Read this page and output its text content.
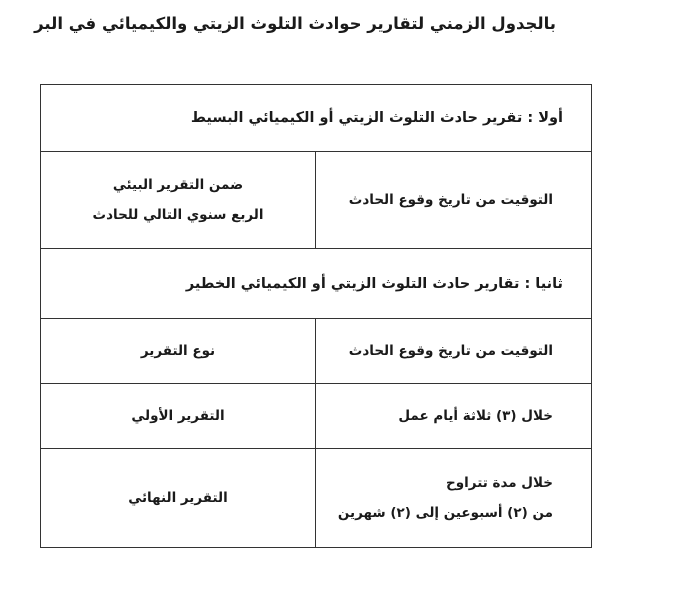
بالجدول الزمني لتقارير حوادث التلوث الزيتي والكيميائي في البر
أولا : تقرير حادث التلوث الزيتي أو الكيميائي البسيط	

التوقيت من تاريخ وقوع الحادث	ضمن التقرير البيئي
الربع سنوي التالي للحادث

ثانيا : تقارير حادث التلوث الزيتي أو الكيميائي الخطير	

التوقيت من تاريخ وقوع الحادث	نوع التقرير

خلال (٣) ثلاثة أيام عمل	التقرير الأولي

خلال مدة تتراوح
من (٢) أسبوعين إلى (٢) شهرين	التقرير النهائي
